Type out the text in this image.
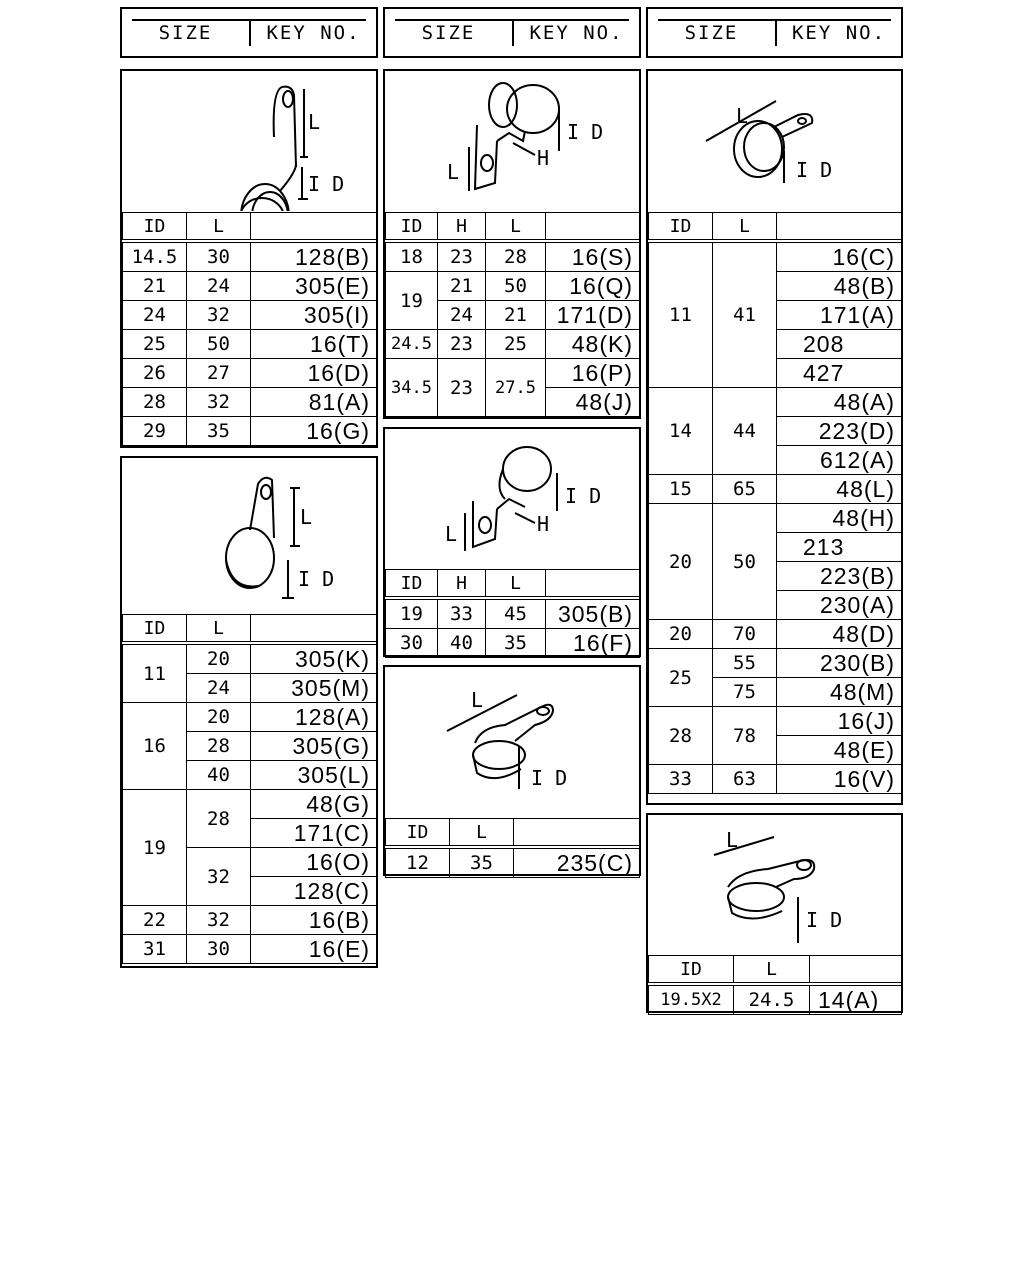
SIZE	KEY NO.	SIZE	KEY NO.	SIZE	KEY NO.
L
I D
ID	L	
14.5	30	128(B)
21	24	305(E)
24	32	305(I)
25	50	16(T)
26	27	16(D)
28	32	81(A)
29	35	16(G)
L
I D
ID	L	
11	20	305(K)
	24	305(M)
16	20	128(A)
	28	305(G)
	40	305(L)
19	28	48(G)
		171(C)
	32	16(O)
		128(C)
22	32	16(B)
31	30	16(E)
L
H
I D
ID	H	L	
18	23	28	16(S)
19	21	50	16(Q)
	24	21	171(D)
24.5	23	25	48(K)
34.5	23	27.5	16(P)
			48(J)
L	H
I D
ID	H	L	
19	33	45	305(B)
30	40	35	16(F)
L
I D
ID	L	
12	35	235(C)
L
I D
ID	L	
11	41	16(C)
		48(B)
		171(A)
		208
		427
14	44	48(A)
		223(D)
		612(A)
15	65	48(L)
20	50	48(H)
		213
		223(B)
		230(A)
20	70	48(D)
25	55	230(B)
	75	48(M)
28	78	16(J)
		48(E)
33	63	16(V)
L
I D
ID	L	
19.5X2	24.5	14(A)
